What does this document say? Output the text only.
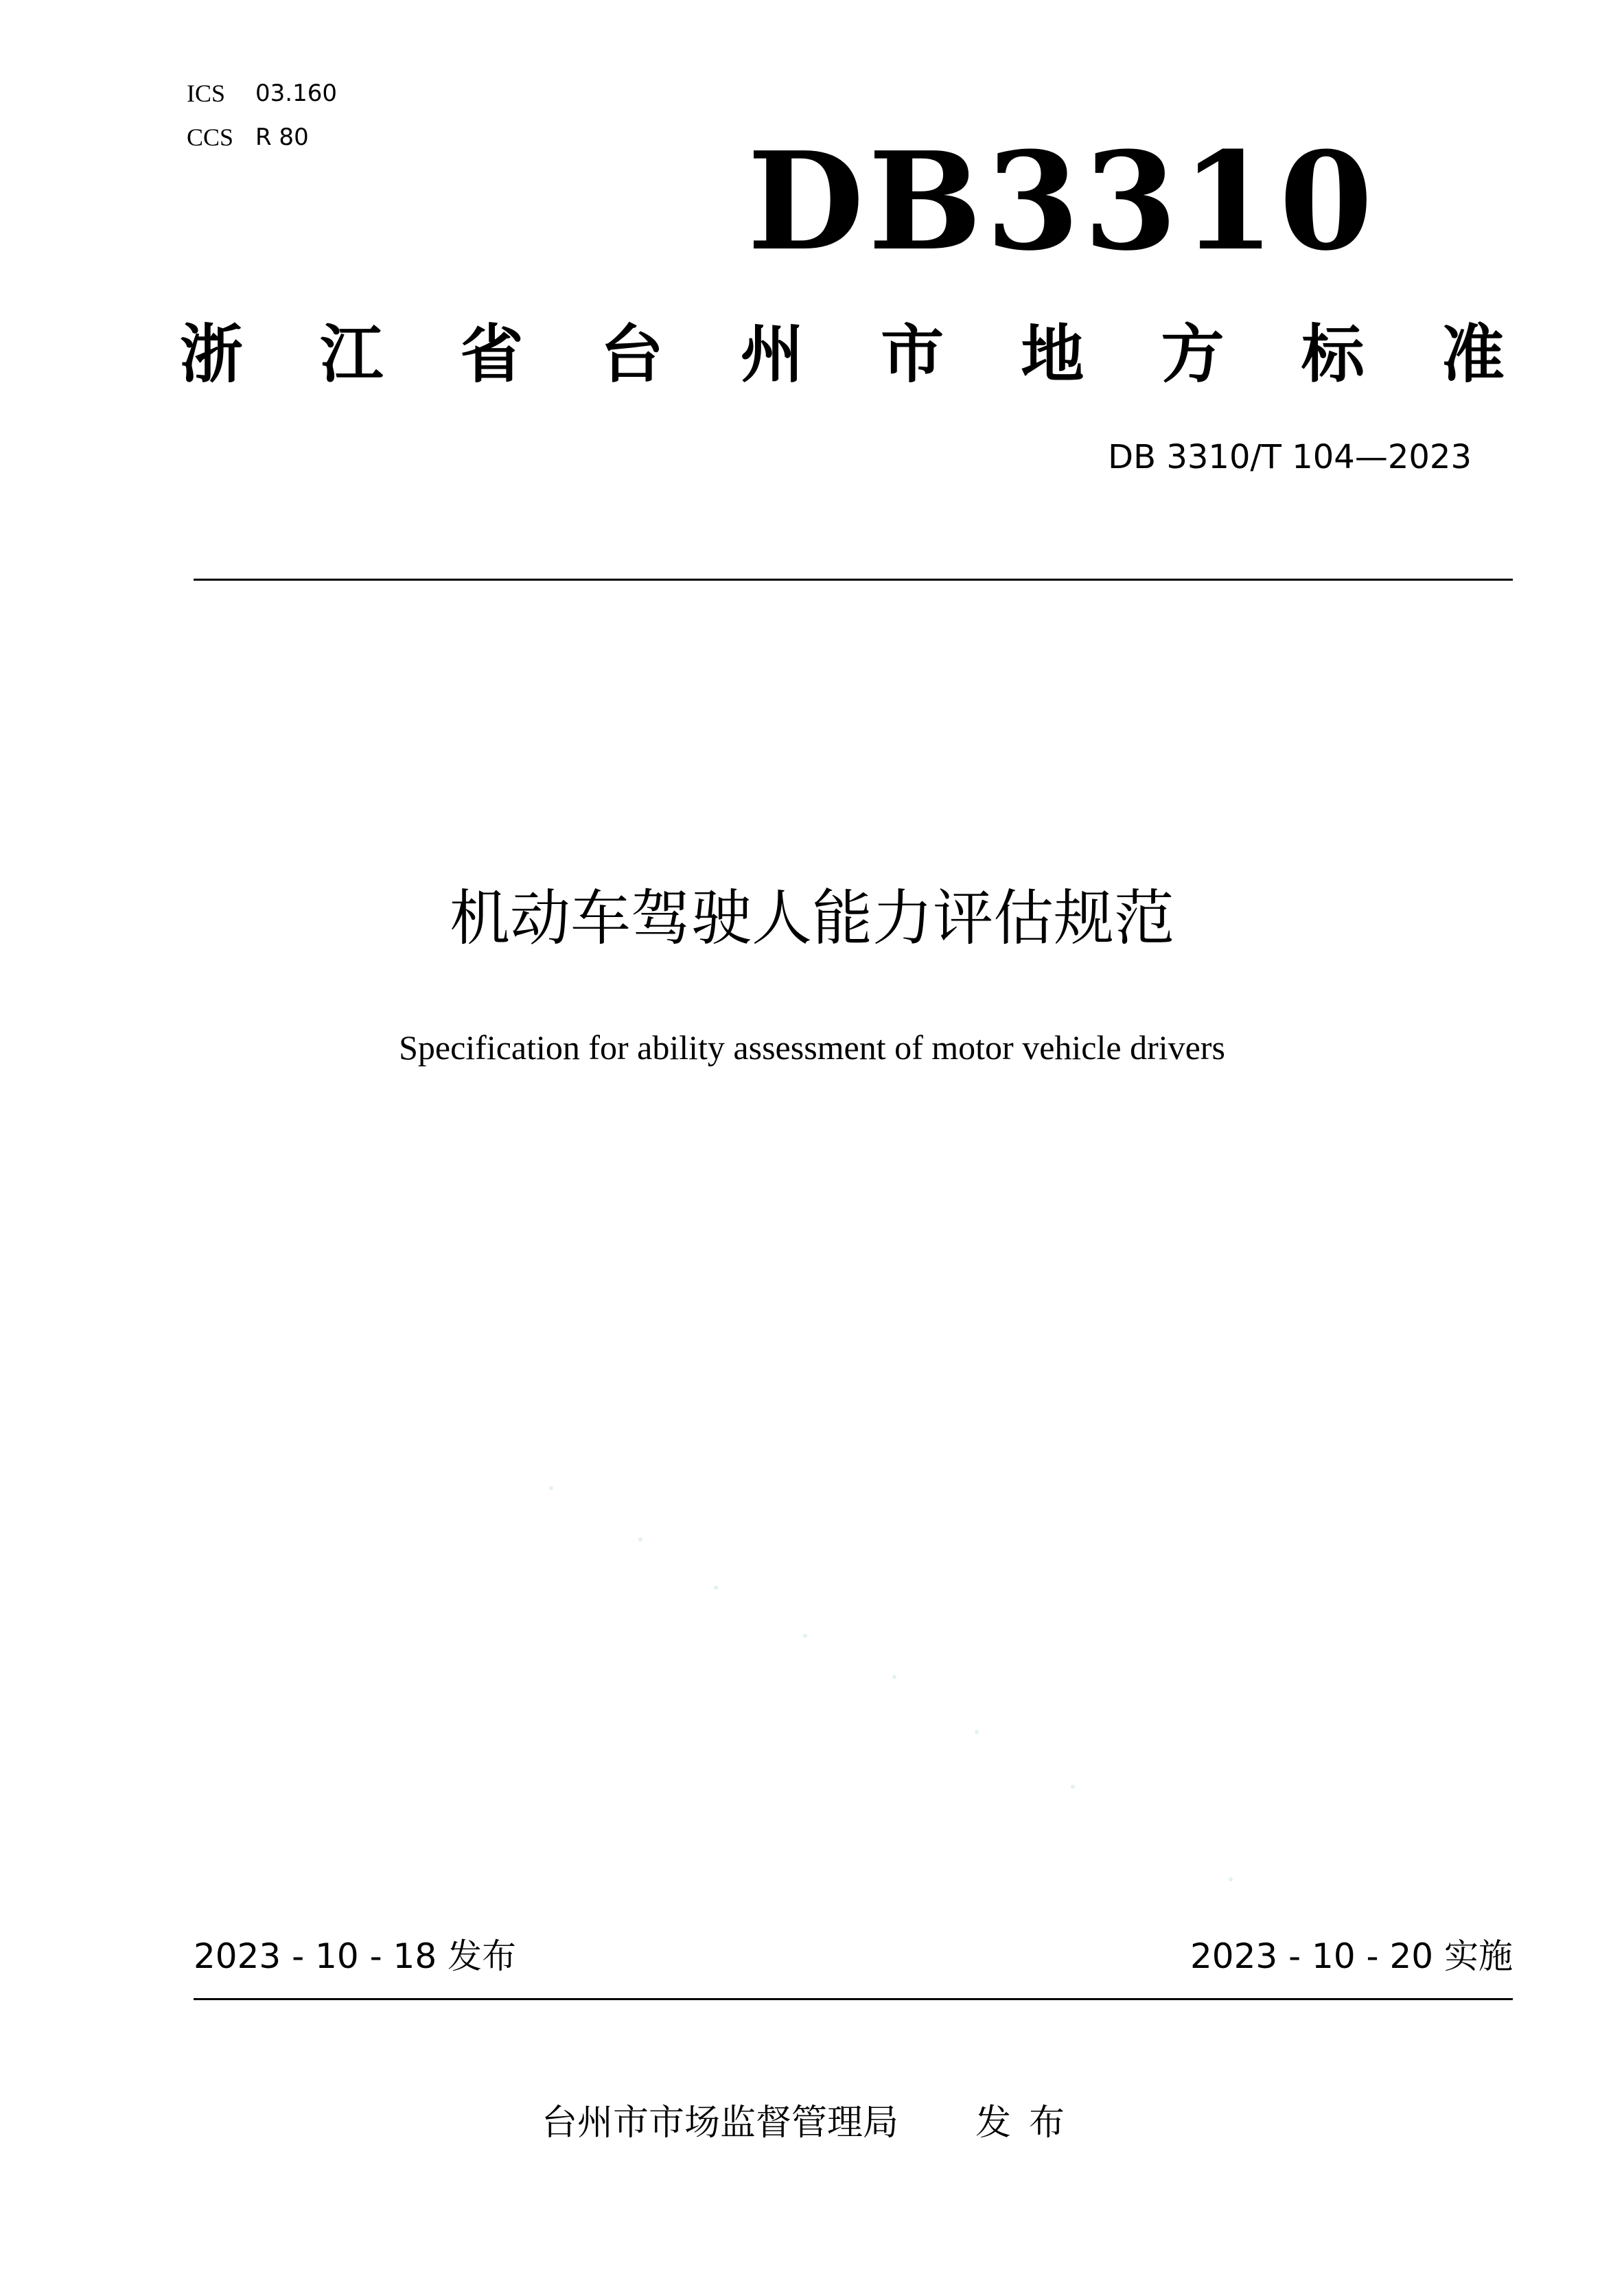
ICS	03.160
CCS R 80	DB3310
浙 江 省 台 州 市 地 方 标 准
DB 3310/T 104—2023
机动车驾驶人能力评估规范
Specification for ability assessment of motor vehicle drivers
2023 - 10 - 18 发布	2023 - 10 - 20 实施
台州市市场监督管理局 发布
